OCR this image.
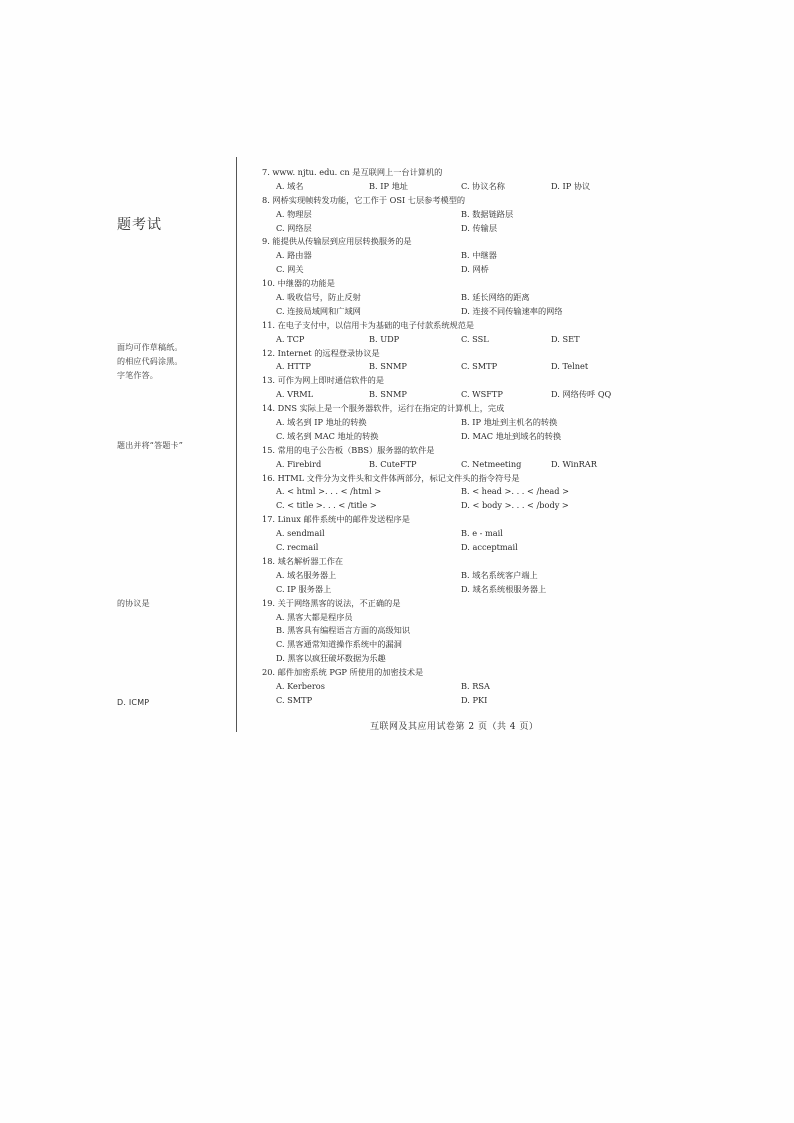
题考试
面均可作草稿纸。
的相应代码涂黑。
字笔作答。
题出并将“答题卡”
的协议是
D. ICMP
7. www. njtu. edu. cn 是互联网上一台计算机的
A. 域名	B. IP 地址	C. 协议名称	D. IP 协议
8. 网桥实现帧转发功能，它工作于 OSI 七层参考模型的
A. 物理层	B. 数据链路层
C. 网络层	D. 传输层
9. 能提供从传输层到应用层转换服务的是
A. 路由器	B. 中继器
C. 网关	D. 网桥
10. 中继器的功能是
A. 吸收信号，防止反射	B. 延长网络的距离
C. 连接局域网和广域网	D. 连接不同传输速率的网络
11. 在电子支付中，以信用卡为基础的电子付款系统规范是
A. TCP	B. UDP	C. SSL	D. SET
12. Internet 的远程登录协议是
A. HTTP	B. SNMP	C. SMTP	D. Telnet
13. 可作为网上即时通信软件的是
A. VRML	B. SNMP	C. WSFTP	D. 网络传呼 QQ
14. DNS 实际上是一个服务器软件，运行在指定的计算机上，完成
A. 域名到 IP 地址的转换	B. IP 地址到主机名的转换
C. 域名到 MAC 地址的转换	D. MAC 地址到域名的转换
15. 常用的电子公告板（BBS）服务器的软件是
A. Firebird	B. CuteFTP	C. Netmeeting	D. WinRAR
16. HTML 文件分为文件头和文件体两部分，标记文件头的指令符号是
A. < html >. . . < /html >	B. < head >. . . < /head >
C. < title >. . . < /title >	D. < body >. . . < /body >
17. Linux 邮件系统中的邮件发送程序是
A. sendmail	B. e - mail
C. recmail	D. acceptmail
18. 域名解析器工作在
A. 域名服务器上	B. 域名系统客户端上
C. IP 服务器上	D. 域名系统根服务器上
19. 关于网络黑客的说法，不正确的是
A. 黑客大都是程序员
B. 黑客具有编程语言方面的高级知识
C. 黑客通常知道操作系统中的漏洞
D. 黑客以疯狂破坏数据为乐趣
20. 邮件加密系统 PGP 所使用的加密技术是
A. Kerberos	B. RSA
C. SMTP	D. PKI
互联网及其应用试卷第 2 页（共 4 页）
